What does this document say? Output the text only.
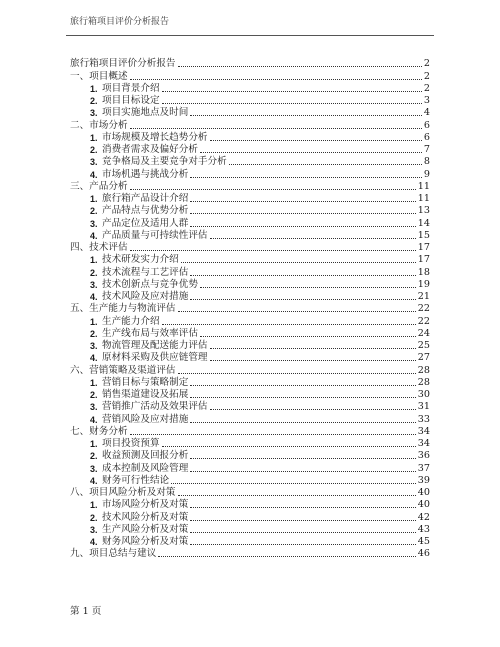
旅行箱项目评价分析报告
旅行箱项目评价分析报告	2
一、项目概述	2
1. 项目背景介绍	2
2. 项目目标设定	3
3. 项目实施地点及时间	4
二、市场分析	6
1. 市场规模及增长趋势分析	6
2. 消费者需求及偏好分析	7
3. 竞争格局及主要竞争对手分析	8
4. 市场机遇与挑战分析	9
三、产品分析	11
1. 旅行箱产品设计介绍	11
2. 产品特点与优势分析	13
3. 产品定位及适用人群	14
4. 产品质量与可持续性评估	15
四、技术评估	17
1. 技术研发实力介绍	17
2. 技术流程与工艺评估	18
3. 技术创新点与竞争优势	19
4. 技术风险及应对措施	21
五、生产能力与物流评估	22
1. 生产能力介绍	22
2. 生产线布局与效率评估	24
3. 物流管理及配送能力评估	25
4. 原材料采购及供应链管理	27
六、营销策略及渠道评估	28
1. 营销目标与策略制定	28
2. 销售渠道建设及拓展	30
3. 营销推广活动及效果评估	31
4. 营销风险及应对措施	33
七、财务分析	34
1. 项目投资预算	34
2. 收益预测及回报分析	36
3. 成本控制及风险管理	37
4. 财务可行性结论	39
八、项目风险分析及对策	40
1. 市场风险分析及对策	40
2. 技术风险分析及对策	42
3. 生产风险分析及对策	43
4. 财务风险分析及对策	45
九、项目总结与建议	46
第 1 页
